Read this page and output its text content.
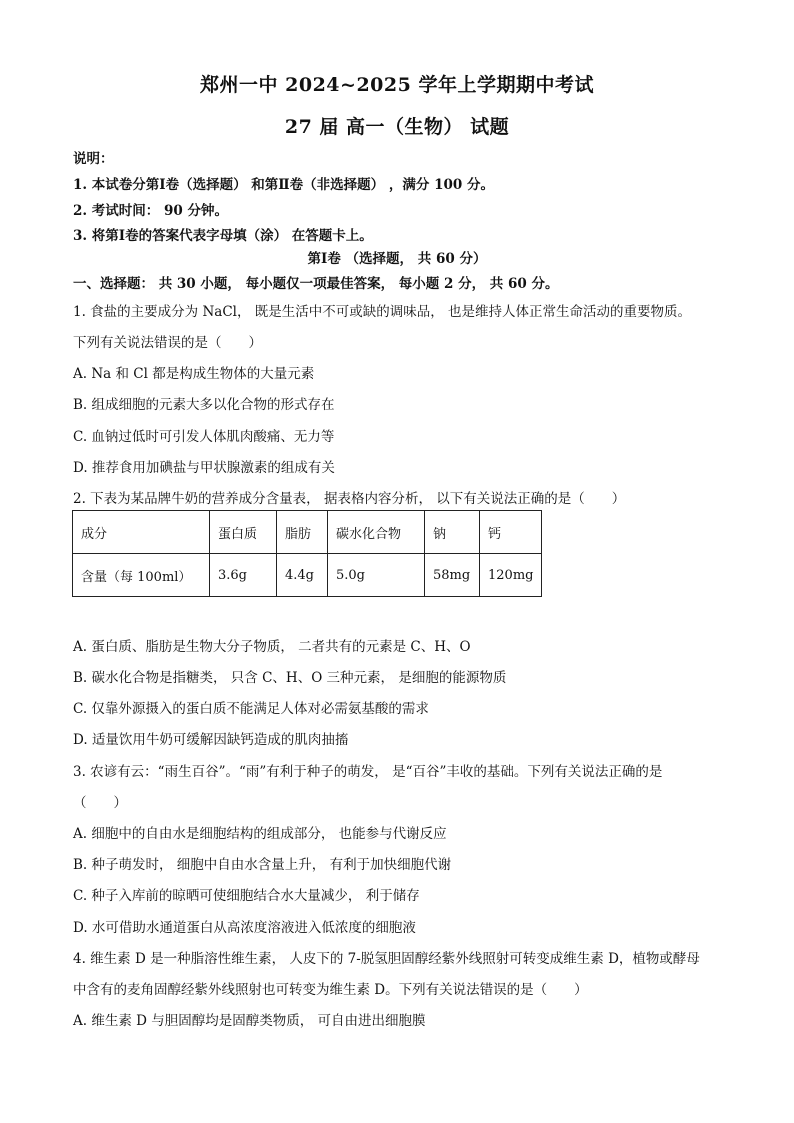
郑州一中 2024~2025 学年上学期期中考试
27 届 高一（生物） 试题
说明：
1. 本试卷分第Ⅰ卷（选择题） 和第Ⅱ卷（非选择题） ，满分 100 分。
2. 考试时间： 90 分钟。
3. 将第Ⅰ卷的答案代表字母填（涂） 在答题卡上。
第Ⅰ卷 （选择题， 共 60 分）
一、选择题： 共 30 小题， 每小题仅一项最佳答案， 每小题 2 分， 共 60 分。
1. 食盐的主要成分为 NaCl， 既是生活中不可或缺的调味品， 也是维持人体正常生命活动的重要物质。
下列有关说法错误的是（　　）
A. Na 和 Cl 都是构成生物体的大量元素
B. 组成细胞的元素大多以化合物的形式存在
C. 血钠过低时可引发人体肌肉酸痛、无力等
D. 推荐食用加碘盐与甲状腺激素的组成有关
2. 下表为某品牌牛奶的营养成分含量表， 据表格内容分析， 以下有关说法正确的是（　　）
成分	蛋白质	脂肪	碳水化合物	钠	钙
含量（每 100ml）	3.6g	4.4g	5.0g	58mg	120mg
A. 蛋白质、脂肪是生物大分子物质， 二者共有的元素是 C、H、O
B. 碳水化合物是指糖类， 只含 C、H、O 三种元素， 是细胞的能源物质
C. 仅靠外源摄入的蛋白质不能满足人体对必需氨基酸的需求
D. 适量饮用牛奶可缓解因缺钙造成的肌肉抽搐
3. 农谚有云：“雨生百谷”。“雨”有利于种子的萌发， 是“百谷”丰收的基础。下列有关说法正确的是
（　　）
A. 细胞中的自由水是细胞结构的组成部分， 也能参与代谢反应
B. 种子萌发时， 细胞中自由水含量上升， 有利于加快细胞代谢
C. 种子入库前的晾晒可使细胞结合水大量减少， 利于储存
D. 水可借助水通道蛋白从高浓度溶液进入低浓度的细胞液
4. 维生素 D 是一种脂溶性维生素， 人皮下的 7-脱氢胆固醇经紫外线照射可转变成维生素 D，植物或酵母
中含有的麦角固醇经紫外线照射也可转变为维生素 D。下列有关说法错误的是（　　）
A. 维生素 D 与胆固醇均是固醇类物质， 可自由进出细胞膜
